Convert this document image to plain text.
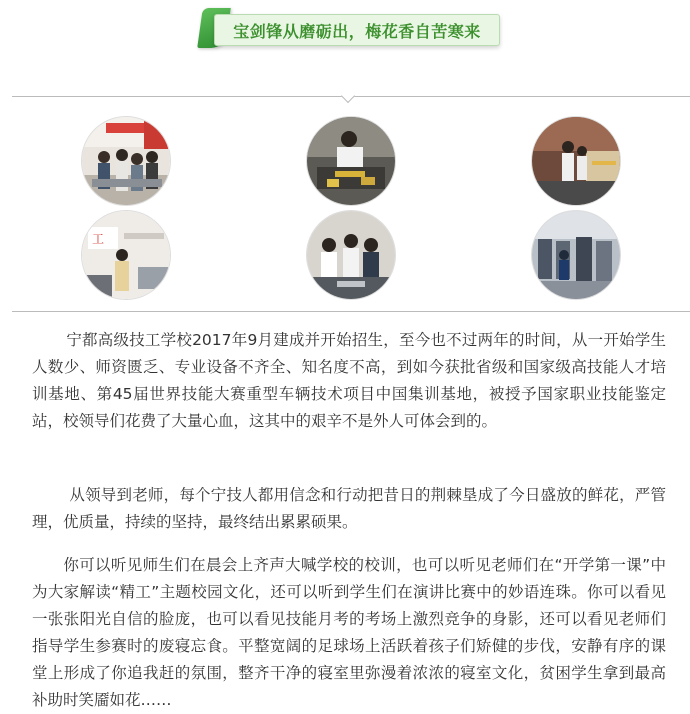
宝剑锋从磨砺出，梅花香自苦寒来
工

宁都高级技工学校2017年9月建成并开始招生，至今也不过两年的时间，从一开始学生人数少、师资匮乏、专业设备不齐全、知名度不高，到如今获批省级和国家级高技能人才培训基地、第45届世界技能大赛重型车辆技术项目中国集训基地，被授予国家职业技能鉴定站，校领导们花费了大量心血，这其中的艰辛不是外人可体会到的。

从领导到老师，每个宁技人都用信念和行动把昔日的荆棘垦成了今日盛放的鲜花，严管理，优质量，持续的坚持，最终结出累累硕果。

你可以听见师生们在晨会上齐声大喊学校的校训，也可以听见老师们在“开学第一课”中为大家解读“精工”主题校园文化，还可以听到学生们在演讲比赛中的妙语连珠。你可以看见一张张阳光自信的脸庞，也可以看见技能月考的考场上激烈竞争的身影，还可以看见老师们指导学生参赛时的废寝忘食。平整宽阔的足球场上活跃着孩子们矫健的步伐，安静有序的课堂上形成了你追我赶的氛围，整齐干净的寝室里弥漫着浓浓的寝室文化，贫困学生拿到最高补助时笑靥如花……
